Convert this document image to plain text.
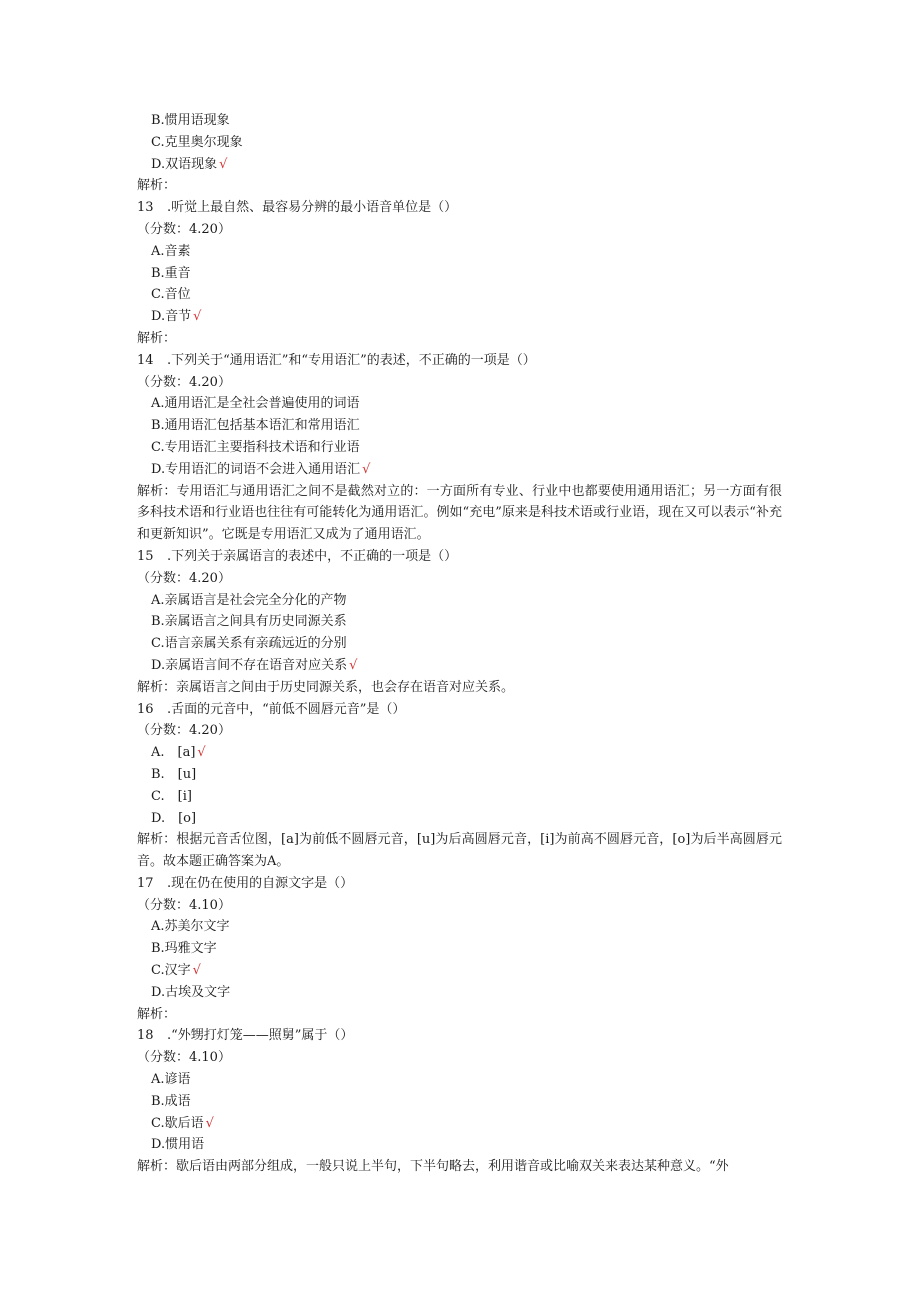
B.惯用语现象
C.克里奥尔现象
D.双语现象 √
解析：
13 .听觉上最自然、最容易分辨的最小语音单位是（）
（分数：4.20）
A.音素
B.重音
C.音位
D.音节 √
解析：
14 .下列关于“通用语汇”和“专用语汇”的表述，不正确的一项是（）
（分数：4.20）
A.通用语汇是全社会普遍使用的词语
B.通用语汇包括基本语汇和常用语汇
C.专用语汇主要指科技术语和行业语
D.专用语汇的词语不会进入通用语汇 √
解析：专用语汇与通用语汇之间不是截然对立的：一方面所有专业、行业中也都要使用通用语汇；另一方面有很多科技术语和行业语也往往有可能转化为通用语汇。例如“充电”原来是科技术语或行业语，现在又可以表示“补充和更新知识”。它既是专用语汇又成为了通用语汇。
15 .下列关于亲属语言的表述中，不正确的一项是（）
（分数：4.20）
A.亲属语言是社会完全分化的产物
B.亲属语言之间具有历史同源关系
C.语言亲属关系有亲疏远近的分别
D.亲属语言间不存在语音对应关系 √
解析：亲属语言之间由于历史同源关系，也会存在语音对应关系。
16 .舌面的元音中，“前低不圆唇元音”是（）
（分数：4.20）
A.　[a] √
B.　[u]
C.　[i]
D.　[o]
解析：根据元音舌位图，[a]为前低不圆唇元音，[u]为后高圆唇元音，[i]为前高不圆唇元音，[o]为后半高圆唇元音。故本题正确答案为A。
17 .现在仍在使用的自源文字是（）
（分数：4.10）
A.苏美尔文字
B.玛雅文字
C.汉字 √
D.古埃及文字
解析：
18 .“外甥打灯笼——照舅”属于（）
（分数：4.10）
A.谚语
B.成语
C.歇后语 √
D.惯用语
解析：歇后语由两部分组成，一般只说上半句，下半句略去，利用谐音或比喻双关来表达某种意义。“外
